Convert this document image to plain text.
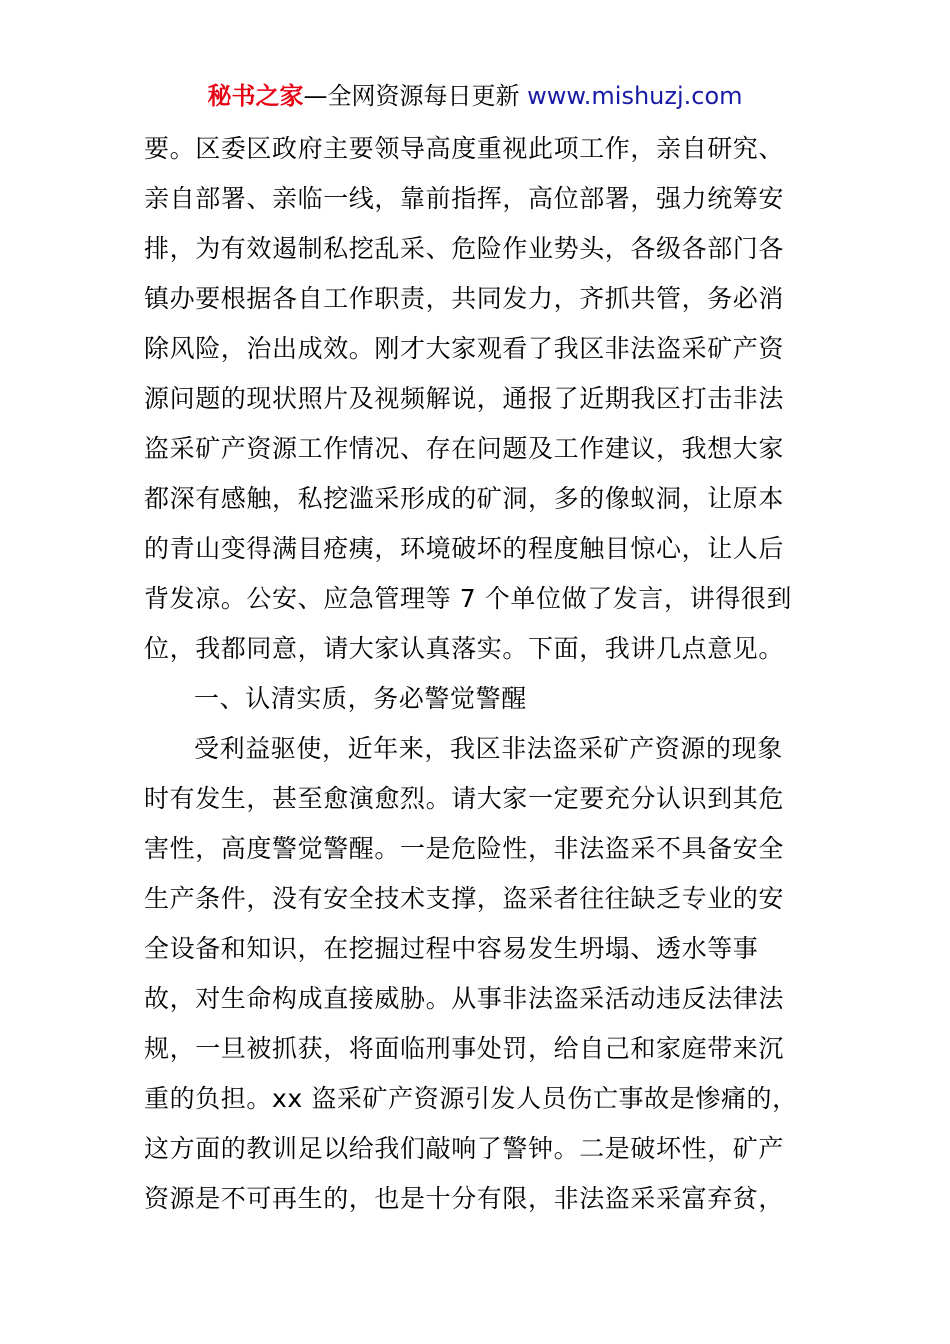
秘书之家—全网资源每日更新 www.mishuzj.com
要。区委区政府主要领导高度重视此项工作，亲自研究、
亲自部署、亲临一线，靠前指挥，高位部署，强力统筹安
排，为有效遏制私挖乱采、危险作业势头，各级各部门各
镇办要根据各自工作职责，共同发力，齐抓共管，务必消
除风险，治出成效。刚才大家观看了我区非法盗采矿产资
源问题的现状照片及视频解说，通报了近期我区打击非法
盗采矿产资源工作情况、存在问题及工作建议，我想大家
都深有感触，私挖滥采形成的矿洞，多的像蚁洞，让原本
的青山变得满目疮痍，环境破坏的程度触目惊心，让人后
背发凉。公安、应急管理等 7 个单位做了发言，讲得很到
位，我都同意，请大家认真落实。下面，我讲几点意见。
一、认清实质，务必警觉警醒
受利益驱使，近年来，我区非法盗采矿产资源的现象
时有发生，甚至愈演愈烈。请大家一定要充分认识到其危
害性，高度警觉警醒。一是危险性，非法盗采不具备安全
生产条件，没有安全技术支撑，盗采者往往缺乏专业的安
全设备和知识，在挖掘过程中容易发生坍塌、透水等事
故，对生命构成直接威胁。从事非法盗采活动违反法律法
规，一旦被抓获，将面临刑事处罚，给自己和家庭带来沉
重的负担。xx 盗采矿产资源引发人员伤亡事故是惨痛的，
这方面的教训足以给我们敲响了警钟。二是破坏性，矿产
资源是不可再生的，也是十分有限，非法盗采采富弃贫，
